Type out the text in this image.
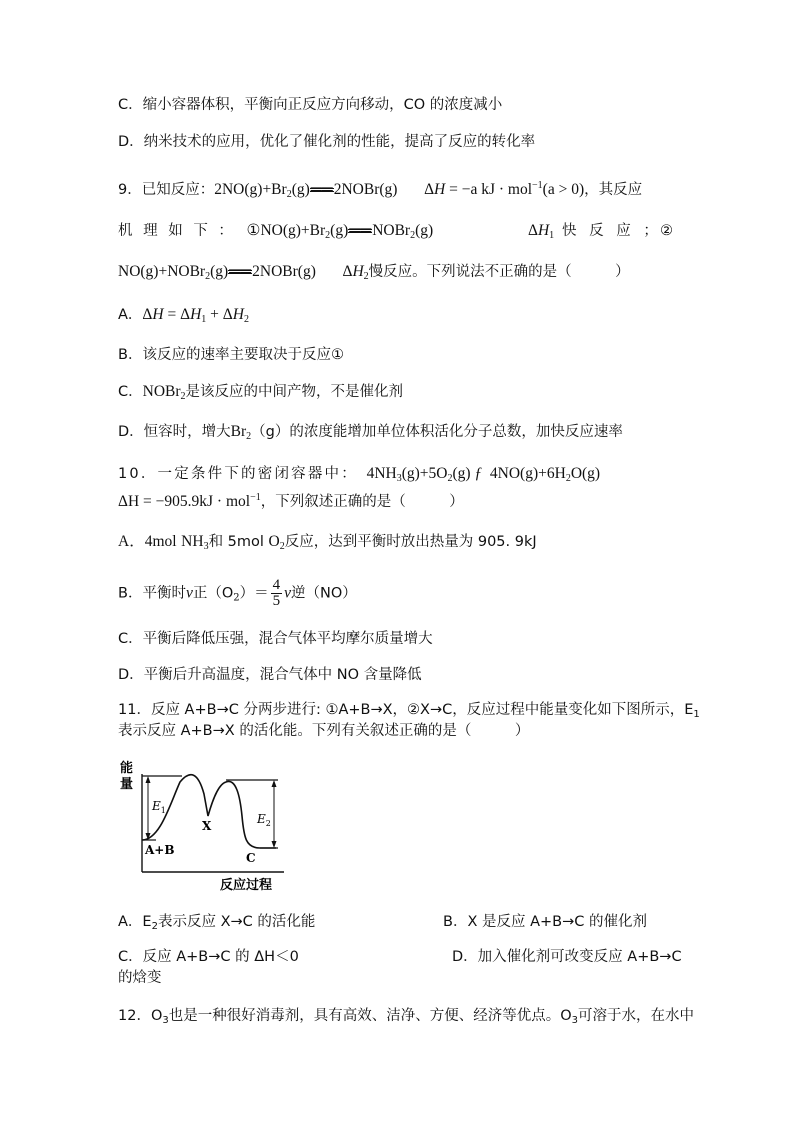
C．缩小容器体积，平衡向正反应方向移动，CO 的浓度减小
D．纳米技术的应用，优化了催化剂的性能，提高了反应的转化率
9．已知反应：$2NO(g)+Br_2(g)══2NOBr(g) \Delta H = -a$ kJ · mol$^{-1}$(a > 0)，其反应
机 理 如 下 ： $①NO(g)+Br_2(g)══NOBr_2(g)$	$\Delta H_1$ 快 反 应 ；
②
NO(g)+NOBr$_2$(g)══2NOBr(g) $\Delta H_2$慢反应。下列说法不正确的是（　　　）
A．$\Delta H = \Delta H_1 + \Delta H_2$
B．该反应的速率主要取决于反应①
C．NOBr$_2$是该反应的中间产物，不是催化剂
D．恒容时，增大$Br_2(g)$的浓度能增加单位体积活化分子总数，加快反应速率
10．一定条件下的密闭容器中： $4NH_3(g)+5O_2(g)$ ƒ  $4NO(g)+6H_2O(g)$
ΔH = −905.9kJ · mol$^{-1}$，下列叙述正确的是（　　　）
A．4mol $NH_3$和 5mol $O_2$反应，达到平衡时放出热量为 905. 9kJ
B．平衡时v正$(O_2)= \frac{4}{5}$ v逆（NO）
C．平衡后降低压强，混合气体平均摩尔质量增大
D．平衡后升高温度，混合气体中 NO 含量降低
11．反应 A+B→C 分两步进行: ①A+B→X，②X→C，反应过程中能量变化如下图所示，$E_1$
表示反应 A+B→X 的活化能。下列有关叙述正确的是（　　　）
能
量
$E_1$
$E_2$
A+B
X
C
反应过程
A．$E_2$表示反应 X→C 的活化能	B．X 是反应 A+B→C 的催化剂
C．反应 A+B→C 的 ΔH＜0	D．加入催化剂可改变反应 A+B→C
的焓变
12．$O_3$也是一种很好消毒剂，具有高效、洁净、方便、经济等优点。$O_3$可溶于水，在水中
